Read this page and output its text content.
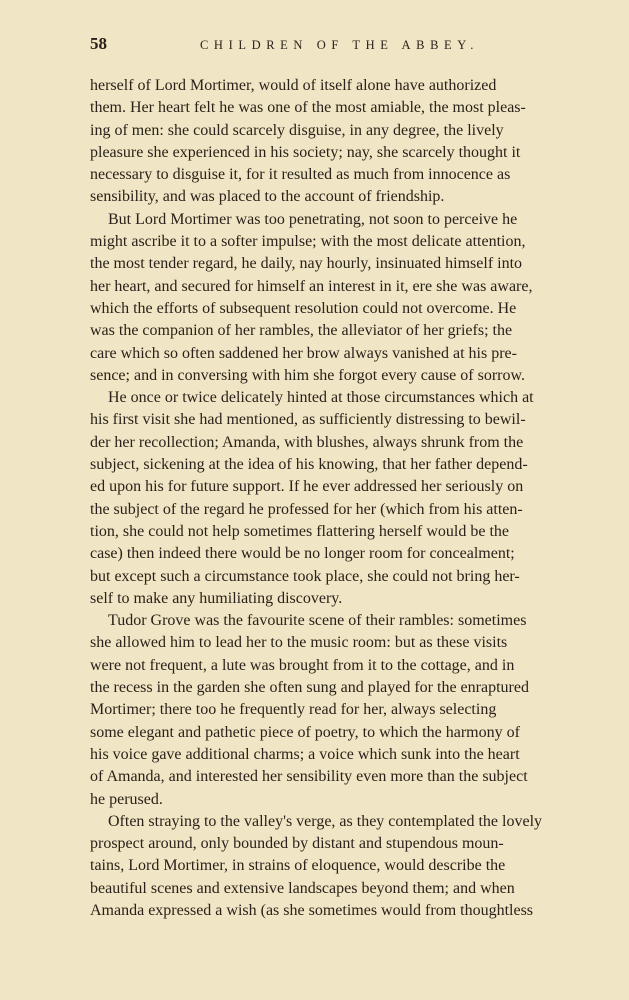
58	CHILDREN OF THE ABBEY.

herself of Lord Mortimer, would of itself alone have authorized

them. Her heart felt he was one of the most amiable, the most pleas-

ing of men: she could scarcely disguise, in any degree, the lively

pleasure she experienced in his society; nay, she scarcely thought it

necessary to disguise it, for it resulted as much from innocence as

sensibility, and was placed to the account of friendship.

But Lord Mortimer was too penetrating, not soon to perceive he

might ascribe it to a softer impulse; with the most delicate attention,

the most tender regard, he daily, nay hourly, insinuated himself into

her heart, and secured for himself an interest in it, ere she was aware,

which the efforts of subsequent resolution could not overcome. He

was the companion of her rambles, the alleviator of her griefs; the

care which so often saddened her brow always vanished at his pre-

sence; and in conversing with him she forgot every cause of sorrow.

He once or twice delicately hinted at those circumstances which at

his first visit she had mentioned, as sufficiently distressing to bewil-

der her recollection; Amanda, with blushes, always shrunk from the

subject, sickening at the idea of his knowing, that her father depend-

ed upon his for future support. If he ever addressed her seriously on

the subject of the regard he professed for her (which from his atten-

tion, she could not help sometimes flattering herself would be the

case) then indeed there would be no longer room for concealment;

but except such a circumstance took place, she could not bring her-

self to make any humiliating discovery.

Tudor Grove was the favourite scene of their rambles: sometimes

she allowed him to lead her to the music room: but as these visits

were not frequent, a lute was brought from it to the cottage, and in

the recess in the garden she often sung and played for the enraptured

Mortimer; there too he frequently read for her, always selecting

some elegant and pathetic piece of poetry, to which the harmony of

his voice gave additional charms; a voice which sunk into the heart

of Amanda, and interested her sensibility even more than the subject

he perused.

Often straying to the valley's verge, as they contemplated the lovely

prospect around, only bounded by distant and stupendous moun-

tains, Lord Mortimer, in strains of eloquence, would describe the

beautiful scenes and extensive landscapes beyond them; and when

Amanda expressed a wish (as she sometimes would from thoughtless
